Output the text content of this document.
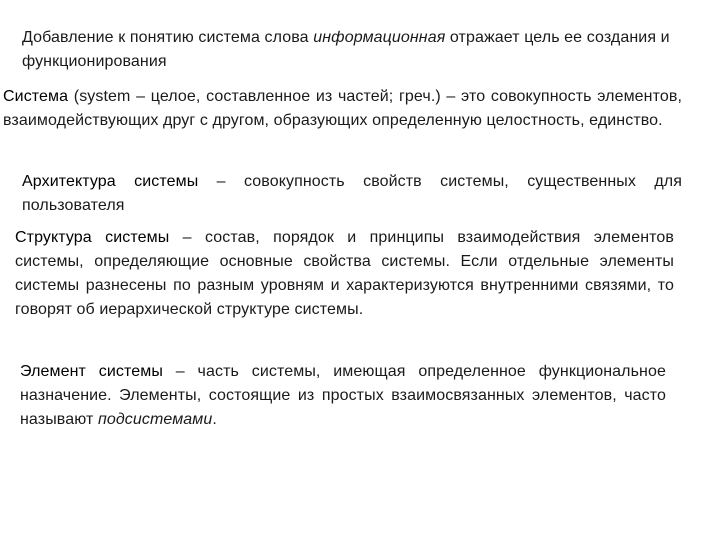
Добавление к понятию система слова информационная отражает цель ее создания и функционирования
Система (system – целое, составленное из частей; греч.) – это совокупность элементов, взаимодействующих друг с другом, образующих определенную целостность, единство.
Архитектура системы – совокупность свойств системы, существенных для пользователя
Структура системы – состав, порядок и принципы взаимодействия элементов системы, определяющие основные свойства системы. Если отдельные элементы системы разнесены по разным уровням и характеризуются внутренними связями, то говорят об иерархической структуре системы.
Элемент системы – часть системы, имеющая определенное функциональное назначение. Элементы, состоящие из простых взаимосвязанных элементов, часто называют подсистемами.
